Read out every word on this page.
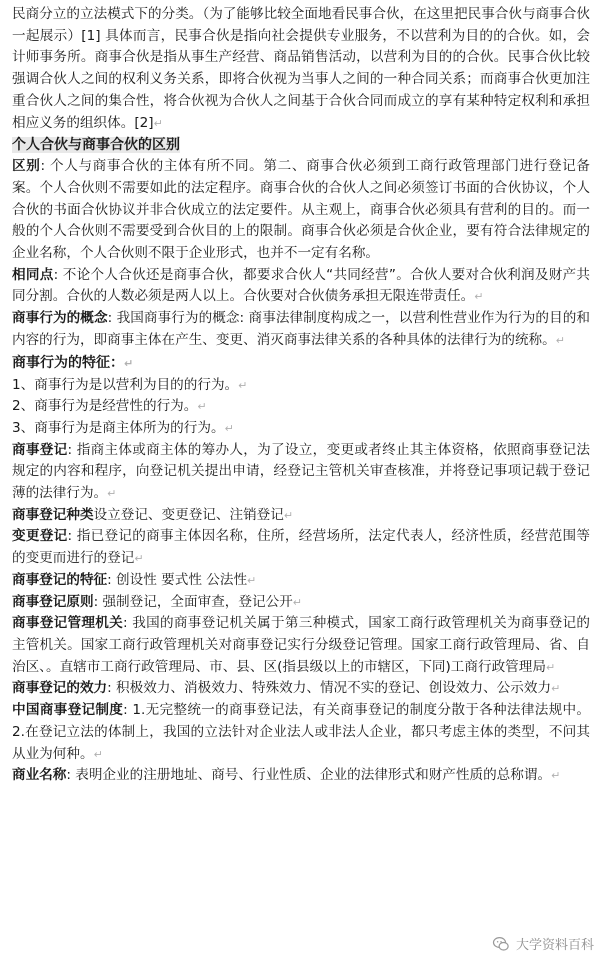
民商分立的立法模式下的分类。（为了能够比较全面地看民事合伙，在这里把民事合伙与商事合伙一起展示）[1] 具体而言，民事合伙是指向社会提供专业服务，不以营利为目的的合伙。如，会计师事务所。商事合伙是指从事生产经营、商品销售活动，以营利为目的的合伙。民事合伙比较强调合伙人之间的权利义务关系，即将合伙视为当事人之间的一种合同关系；而商事合伙更加注重合伙人之间的集合性，将合伙视为合伙人之间基于合伙合同而成立的享有某种特定权利和承担相应义务的组织体。[2]↵

个人合伙与商事合伙的区别

区别: 个人与商事合伙的主体有所不同。第二、商事合伙必须到工商行政管理部门进行登记备案。个人合伙则不需要如此的法定程序。商事合伙的合伙人之间必须签订书面的合伙协议，个人合伙的书面合伙协议并非合伙成立的法定要件。从主观上，商事合伙必须具有营利的目的。而一般的个人合伙则不需要受到合伙目的上的限制。商事合伙必须是合伙企业，要有符合法律规定的企业名称，个人合伙则不限于企业形式，也并不一定有名称。

相同点: 不论个人合伙还是商事合伙，都要求合伙人“共同经营”。合伙人要对合伙利润及财产共同分割。合伙的人数必须是两人以上。合伙要对合伙债务承担无限连带责任。↵

商事行为的概念: 我国商事行为的概念: 商事法律制度构成之一，以营利性营业作为行为的目的和内容的行为，即商事主体在产生、变更、消灭商事法律关系的各种具体的法律行为的统称。↵

商事行为的特征：↵

1、商事行为是以营利为目的的行为。↵

2、商事行为是经营性的行为。↵

3、商事行为是商主体所为的行为。↵

商事登记: 指商主体或商主体的筹办人，为了设立，变更或者终止其主体资格，依照商事登记法规定的内容和程序，向登记机关提出申请，经登记主管机关审查核准，并将登记事项记载于登记薄的法律行为。↵

商事登记种类设立登记、变更登记、注销登记↵

变更登记: 指已登记的商事主体因名称，住所，经营场所，法定代表人，经济性质，经营范围等的变更而进行的登记↵

商事登记的特征: 创设性 要式性 公法性↵

商事登记原则: 强制登记，全面审查，登记公开↵

商事登记管理机关: 我国的商事登记机关属于第三种模式，国家工商行政管理机关为商事登记的主管机关。国家工商行政管理机关对商事登记实行分级登记管理。国家工商行政管理局、省、自治区、。直辖市工商行政管理局、市、县、区(指县级以上的市辖区，下同)工商行政管理局↵

商事登记的效力: 积极效力、消极效力、特殊效力、情况不实的登记、创设效力、公示效力↵

中国商事登记制度: 1.无完整统一的商事登记法，有关商事登记的制度分散于各种法律法规中。2.在登记立法的体制上，我国的立法针对企业法人或非法人企业，都只考虑主体的类型，不问其从业为何种。↵

商业名称: 表明企业的注册地址、商号、行业性质、企业的法律形式和财产性质的总称谓。↵

大学资料百科
